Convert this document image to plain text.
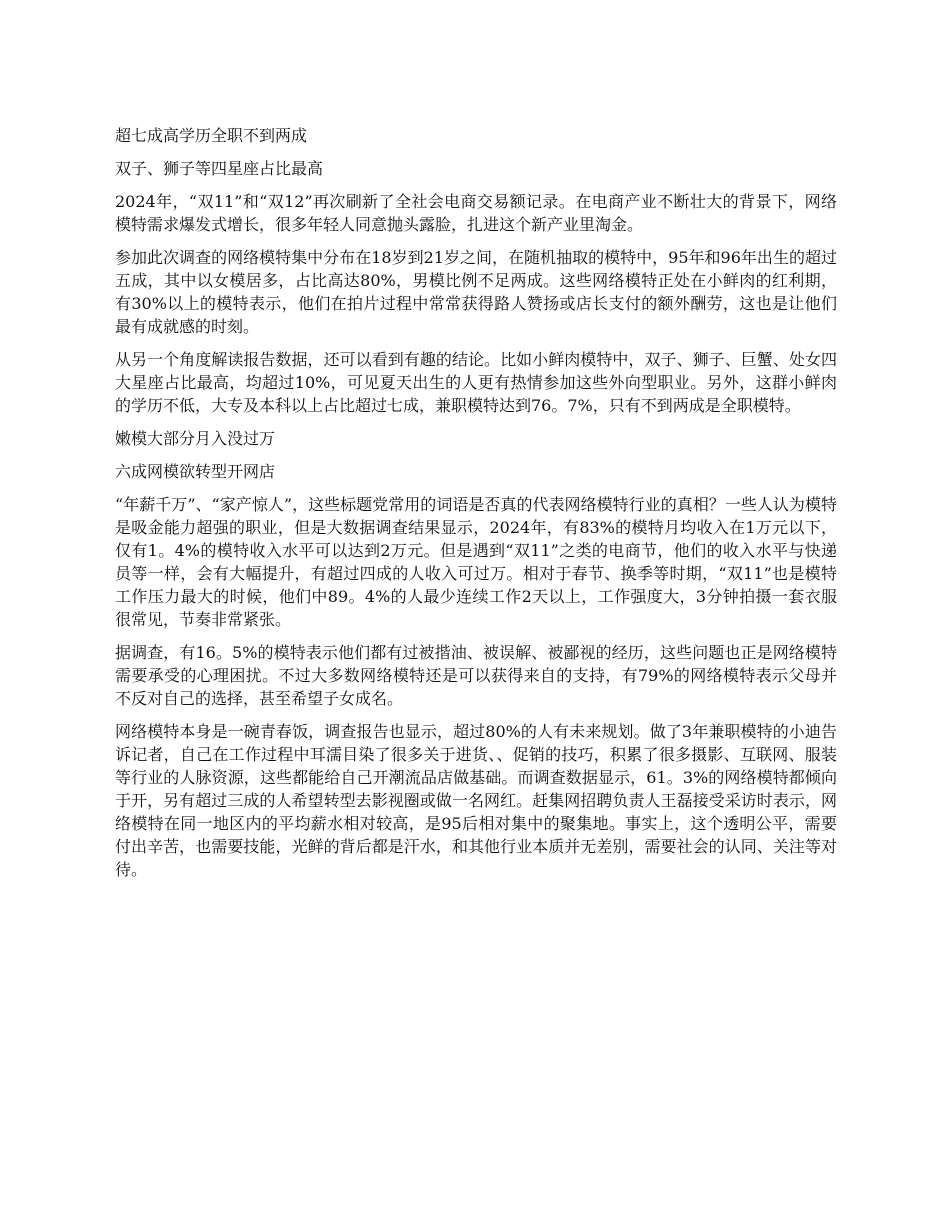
超七成高学历全职不到两成

双子、狮子等四星座占比最高

2024年，“双11”和“双12”再次刷新了全社会电商交易额记录。在电商产业不断壮大的背景下，网络模特需求爆发式增长，很多年轻人同意抛头露脸，扎进这个新产业里淘金。

参加此次调查的网络模特集中分布在18岁到21岁之间，在随机抽取的模特中，95年和96年出生的超过五成，其中以女模居多，占比高达80%，男模比例不足两成。这些网络模特正处在小鲜肉的红利期，有30%以上的模特表示，他们在拍片过程中常常获得路人赞扬或店长支付的额外酬劳，这也是让他们最有成就感的时刻。

从另一个角度解读报告数据，还可以看到有趣的结论。比如小鲜肉模特中，双子、狮子、巨蟹、处女四大星座占比最高，均超过10%，可见夏天出生的人更有热情参加这些外向型职业。另外，这群小鲜肉的学历不低，大专及本科以上占比超过七成，兼职模特达到76。7%，只有不到两成是全职模特。

嫩模大部分月入没过万

六成网模欲转型开网店

“年薪千万”、“家产惊人”，这些标题党常用的词语是否真的代表网络模特行业的真相？一些人认为模特是吸金能力超强的职业，但是大数据调查结果显示，2024年，有83%的模特月均收入在1万元以下，仅有1。4%的模特收入水平可以达到2万元。但是遇到“双11”之类的电商节，他们的收入水平与快递员等一样，会有大幅提升，有超过四成的人收入可过万。相对于春节、换季等时期，“双11”也是模特工作压力最大的时候，他们中89。4%的人最少连续工作2天以上，工作强度大，3分钟拍摄一套衣服很常见，节奏非常紧张。

据调查，有16。5%的模特表示他们都有过被揩油、被误解、被鄙视的经历，这些问题也正是网络模特需要承受的心理困扰。不过大多数网络模特还是可以获得来自的支持，有79%的网络模特表示父母并不反对自己的选择，甚至希望子女成名。

网络模特本身是一碗青春饭，调查报告也显示，超过80%的人有未来规划。做了3年兼职模特的小迪告诉记者，自己在工作过程中耳濡目染了很多关于进货、、促销的技巧，积累了很多摄影、互联网、服装等行业的人脉资源，这些都能给自己开潮流品店做基础。而调查数据显示，61。3%的网络模特都倾向于开，另有超过三成的人希望转型去影视圈或做一名网红。赶集网招聘负责人王磊接受采访时表示，网络模特在同一地区内的平均薪水相对较高，是95后相对集中的聚集地。事实上，这个透明公平，需要付出辛苦，也需要技能，光鲜的背后都是汗水，和其他行业本质并无差别，需要社会的认同、关注等对待。
